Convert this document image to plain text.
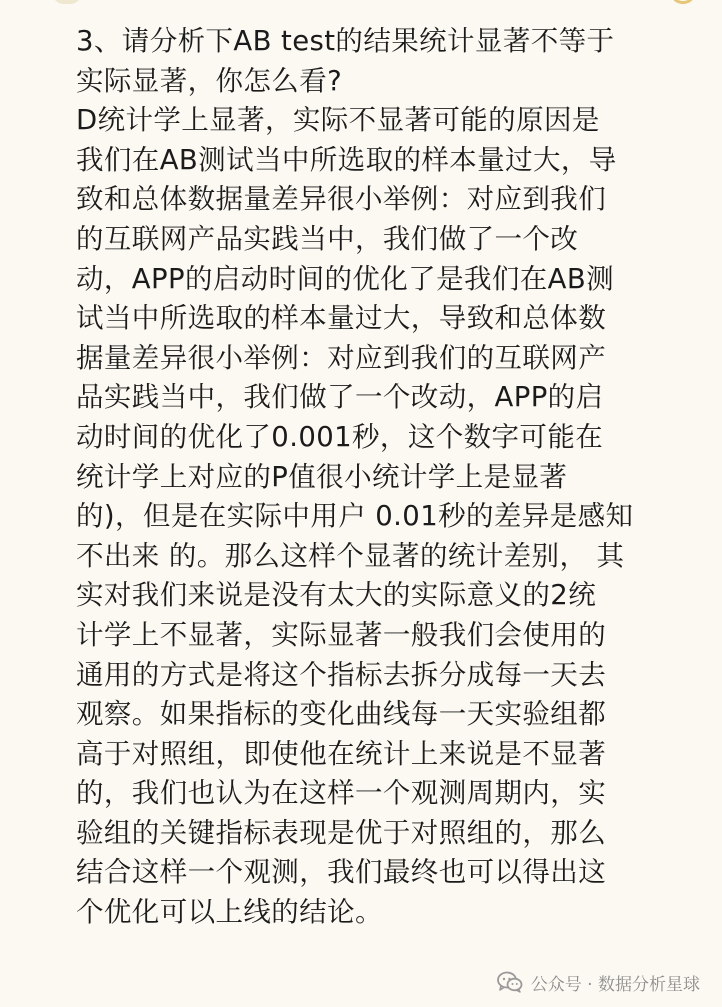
3、请分析下AB test的结果统计显著不等于
实际显著，你怎么看?
D统计学上显著，实际不显著可能的原因是
我们在AB测试当中所选取的样本量过大，导
致和总体数据量差异很小举例：对应到我们
的互联网产品实践当中，我们做了一个改
动，APP的启动时间的优化了是我们在AB测
试当中所选取的样本量过大，导致和总体数
据量差异很小举例：对应到我们的互联网产
品实践当中，我们做了一个改动，APP的启
动时间的优化了0.001秒，这个数字可能在
统计学上对应的P值很小统计学上是显著
的)，但是在实际中用户 0.01秒的差异是感知
不出来 的。那么这样个显著的统计差别， 其
实对我们来说是没有太大的实际意义的2统
计学上不显著，实际显著一般我们会使用的
通用的方式是将这个指标去拆分成每一天去
观察。如果指标的变化曲线每一天实验组都
高于对照组，即使他在统计上来说是不显著
的，我们也认为在这样一个观测周期内，实
验组的关键指标表现是优于对照组的，那么
结合这样一个观测，我们最终也可以得出这
个优化可以上线的结论。
公众号 · 数据分析星球
